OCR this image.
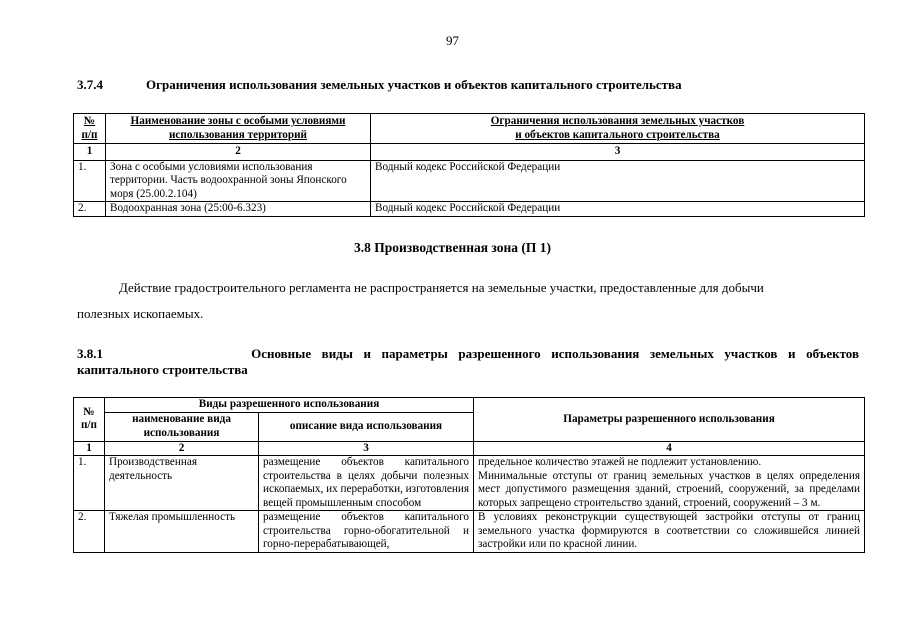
97
3.7.4	Ограничения использования земельных участков и объектов капитального строительства
№
п/п	Наименование зоны с особыми условиями
использования территорий	Ограничения использования земельных участков
и объектов капитального строительства
1	2	3
1.	Зона с особыми условиями использования территории. Часть водоохранной зоны Японского моря (25.00.2.104)	Водный кодекс Российской Федерации
2.	Водоохранная зона (25:00-6.323)	Водный кодекс Российской Федерации
3.8 Производственная зона (П 1)
Действие градостроительного регламента не распространяется на земельные участки, предоставленные для добычи
полезных ископаемых.
3.8.1	Основные виды и параметры разрешенного использования земельных участков и объектов
капитального строительства
№
п/п	Виды разрешенного использования		Параметры разрешенного использования
	наименование вида использования	описание вида использования	
1	2	3	4
1.	Производственная деятельность	размещение объектов капитального строительства в целях добычи полезных ископаемых, их переработки, изготовления вещей промышленным способом	предельное количество этажей не подлежит установлению.
Минимальные отступы от границ земельных участков в целях определения мест допустимого размещения зданий, строений, сооружений, за пределами которых запрещено строительство зданий, строений, сооружений – 3 м.

2.	Тяжелая промышленность	размещение объектов капитального строительства горно-обогатительной и горно-перерабатывающей,	В условиях реконструкции существующей застройки отступы от границ земельного участка формируются в соответствии со сложившейся линией застройки или по красной линии.
